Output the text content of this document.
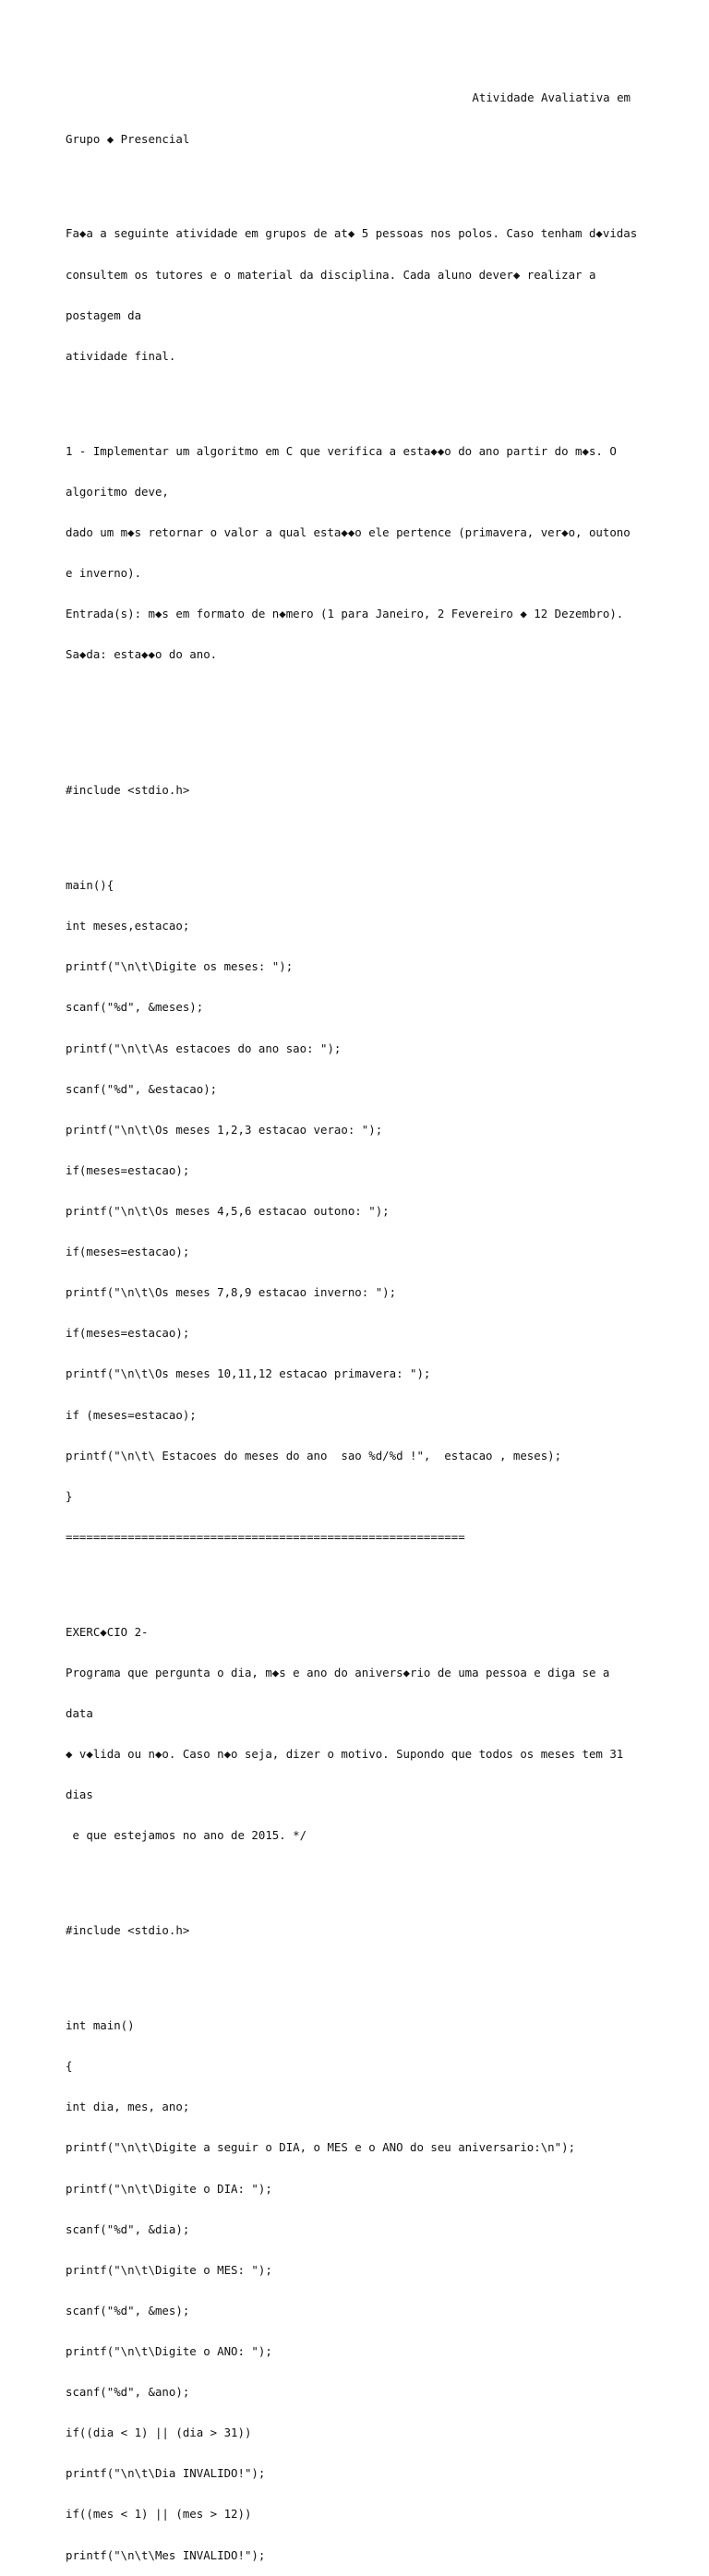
Atividade Avaliativa em

Grupo ◆ Presencial

Fa◆a a seguinte atividade em grupos de at◆ 5 pessoas nos polos. Caso tenham d◆vidas

consultem os tutores e o material da disciplina. Cada aluno dever◆ realizar a

postagem da

atividade final.

1 - Implementar um algoritmo em C que verifica a esta◆◆o do ano partir do m◆s. O

algoritmo deve,

dado um m◆s retornar o valor a qual esta◆◆o ele pertence (primavera, ver◆o, outono

e inverno).

Entrada(s): m◆s em formato de n◆mero (1 para Janeiro, 2 Fevereiro ◆ 12 Dezembro).

Sa◆da: esta◆◆o do ano.

#include <stdio.h>

main(){

int meses,estacao;

printf("\n\t\Digite os meses: ");

scanf("%d", &meses);

printf("\n\t\As estacoes do ano sao: ");

scanf("%d", &estacao);

printf("\n\t\Os meses 1,2,3 estacao verao: ");

if(meses=estacao);

printf("\n\t\Os meses 4,5,6 estacao outono: ");

if(meses=estacao);

printf("\n\t\Os meses 7,8,9 estacao inverno: ");

if(meses=estacao);

printf("\n\t\Os meses 10,11,12 estacao primavera: ");

if (meses=estacao);

printf("\n\t\ Estacoes do meses do ano  sao %d/%d !",  estacao , meses);

}

==========================================================

EXERC◆CIO 2-

Programa que pergunta o dia, m◆s e ano do anivers◆rio de uma pessoa e diga se a

data

◆ v◆lida ou n◆o. Caso n◆o seja, dizer o motivo. Supondo que todos os meses tem 31

dias

e que estejamos no ano de 2015. */

#include <stdio.h>

int main()

{

int dia, mes, ano;

printf("\n\t\Digite a seguir o DIA, o MES e o ANO do seu aniversario:\n");

printf("\n\t\Digite o DIA: ");

scanf("%d", &dia);

printf("\n\t\Digite o MES: ");

scanf("%d", &mes);

printf("\n\t\Digite o ANO: ");

scanf("%d", &ano);

if((dia < 1) || (dia > 31))

printf("\n\t\Dia INVALIDO!");

if((mes < 1) || (mes > 12))

printf("\n\t\Mes INVALIDO!");
